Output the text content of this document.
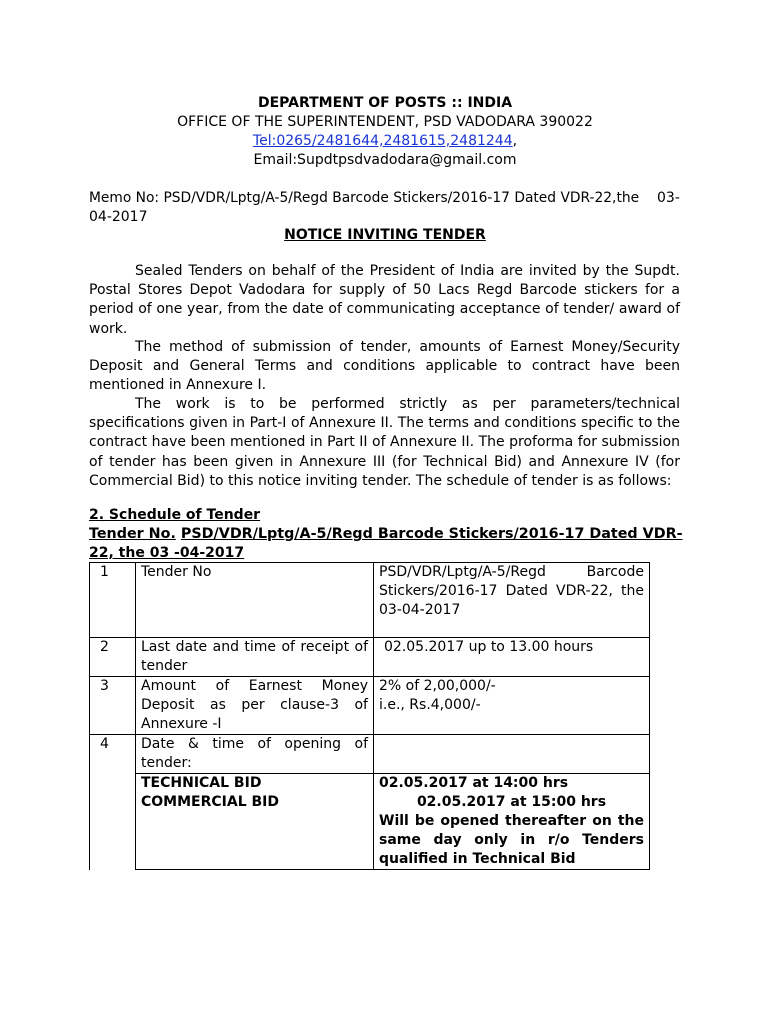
DEPARTMENT OF POSTS :: INDIA
OFFICE OF THE SUPERINTENDENT, PSD VADODARA 390022
Tel:0265/2481644,2481615,2481244,
Email:Supdtpsdvadodara@gmail.com
Memo No: PSD/VDR/Lptg/A-5/Regd Barcode Stickers/2016-17 Dated VDR-22,the 03-
04-2017
NOTICE INVITING TENDER
Sealed Tenders on behalf of the President of India are invited by the Supdt. Postal Stores Depot Vadodara for supply of 50 Lacs Regd Barcode stickers for a period of one year, from the date of communicating acceptance of tender/ award of work.
The method of submission of tender, amounts of Earnest Money/Security Deposit and General Terms and conditions applicable to contract have been mentioned in Annexure I.
The work is to be performed strictly as per parameters/technical specifications given in Part-I of Annexure II. The terms and conditions specific to the contract have been mentioned in Part II of Annexure II. The proforma for submission of tender has been given in Annexure III (for Technical Bid) and Annexure IV (for Commercial Bid) to this notice inviting tender. The schedule of tender is as follows:
2. Schedule of Tender
Tender No. PSD/VDR/Lptg/A-5/Regd Barcode Stickers/2016-17 Dated VDR-
22, the 03 -04-2017
1	Tender No	PSD/VDR/Lptg/A-5/Regd Barcode Stickers/2016-17 Dated VDR-22, the 03-04-2017
2	Last date and time of receipt of tender	02.05.2017 up to 13.00 hours
3	Amount of Earnest Money Deposit as per clause-3 of Annexure -I	2% of 2,00,000/-
i.e., Rs.4,000/-

4	Date & time of opening of tender:	
	TECHNICAL BID	02.05.2017 at 14:00 hrs
	COMMERCIAL BID	02.05.2017 at 15:00 hrs
Will be opened thereafter on the same day only in r/o Tenders qualified in Technical Bid
